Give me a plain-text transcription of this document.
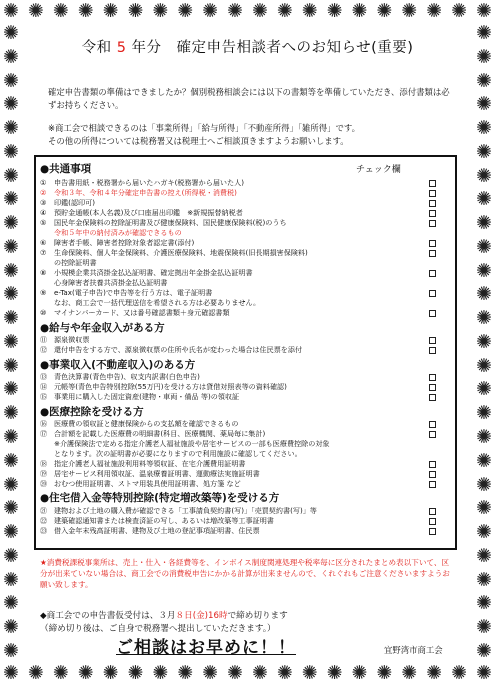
✺ ✺ ✺ ✺ ✺ ✺ ✺ ✺ ✺ ✺ ✺ ✺ ✺ ✺ ✺ ✺ ✺ ✺ ✺ ✺
✺ ✺ ✺ ✺ ✺ ✺ ✺ ✺ ✺ ✺ ✺ ✺ ✺ ✺ ✺ ✺ ✺ ✺ ✺ ✺
✺
✺
✺
✺
✺
✺
✺
✺
✺
✺
✺
✺
✺
✺
✺
✺
✺
✺
✺
✺
✺
✺
✺
✺
✺
✺
✺
✺
✺
✺
✺
✺
✺
✺
✺
✺
✺
✺
✺
✺
✺
✺
✺
✺
✺
✺
✺
✺
✺
✺
✺
✺
✺
✺
令和 5 年分　確定申告相談者へのお知らせ(重要)
確定申告書類の準備はできましたか？個別税務相談会には以下の書類等を準備していただき、添付書類は必ずお持ちください。
※商工会で相談できるのは「事業所得」「給与所得」「不動産所得」「雑所得」です。
その他の所得については税務署又は税理士へご相談頂きますようお願いします。
●共通事項	チェック欄
① 申告書用紙・税務署から届いたハガキ(税務署から届いた人)
② 令和３年、令和４年分確定申告書の控え(所得税・消費税)
③ 印鑑(認印可)
④ 預貯金通帳(本人名義)及び口座届出印鑑　※新規振替納税者
⑤ 国民年金保険料の控除証明書及び健康保険料、国民健康保険料(税)のうち
令和５年中の納付済みが確認できるもの
⑥ 障害者手帳、障害者控除対象者認定書(添付)
⑦ 生命保険料、個人年金保険料、介護医療保険料、地震保険料(旧長期損害保険料)
の控除証明書
⑧ 小規模企業共済掛金払込証明書、確定拠出年金掛金払込証明書
心身障害者扶養共済掛金払込証明書
⑨ e-Tax(電子申告)で申告等を行う方は、電子証明書
なお、商工会で一括代理送信を希望される方は必要ありません。
⑩ マイナンバーカード、又は番号確認書類＋身元確認書類
●給与や年金収入がある方
⑪ 源泉徴収票
⑫ 還付申告をする方で、源泉徴収票の住所や氏名が変わった場合は住民票を添付
●事業収入(不動産収入)のある方
⑬ 青色決算書(青色申告)、収支内訳書(白色申告)
⑭ 元帳等(青色申告特別控除(55万円)を受ける方は貸借対照表等の資料確認)
⑮ 事業用に購入した固定資産(建物・車両・備品 等)の領収証
●医療控除を受ける方
⑯ 医療費の領収証と健康保険からの支払額を確認できるもの
⑰ 合計額を記載した医療費の明細書(科目、医療機関、薬局毎に集計)
※介護保険法で定める指定介護老人福祉施設や居宅サービスの一部も医療費控除の対象
となります。次の証明書が必要になりますので利用施設に確認してください。
⑱ 指定介護老人福祉施設利用料等領収証、在宅介護費用証明書
⑲ 居宅サービス利用領収証、温泉療養証明書、運動療法実施証明書
⑳ おむつ使用証明書、ストマ用装具使用証明書、処方箋 など
●住宅借入金等特別控除(特定増改築等)を受ける方
㉑ 建物および土地の購入費が確認できる「工事請負契約書(写)」「売買契約書(写)」等
㉒ 建築確認通知書または検査済証の写し、あるいは増改築等工事証明書
㉓ 借入金年末残高証明書、建物及び土地の登記事項証明書、住民票
★消費税課税事業所は、売上・仕入・各経費等を、インボイス制度関連処理や税率毎に区分されたまとめ表以下いて、区分が出来ていない場合は、商工会での消費税申告にかかる計算が出来ませんので、くれぐれもご注意くださいますようお願い致します。
◆商工会での申告書仮受付は、３月８日(金)16時で締め切ります
（締め切り後は、ご自身で税務署へ提出していただきます。）
ご相談はお早めに！！	宜野湾市商工会
